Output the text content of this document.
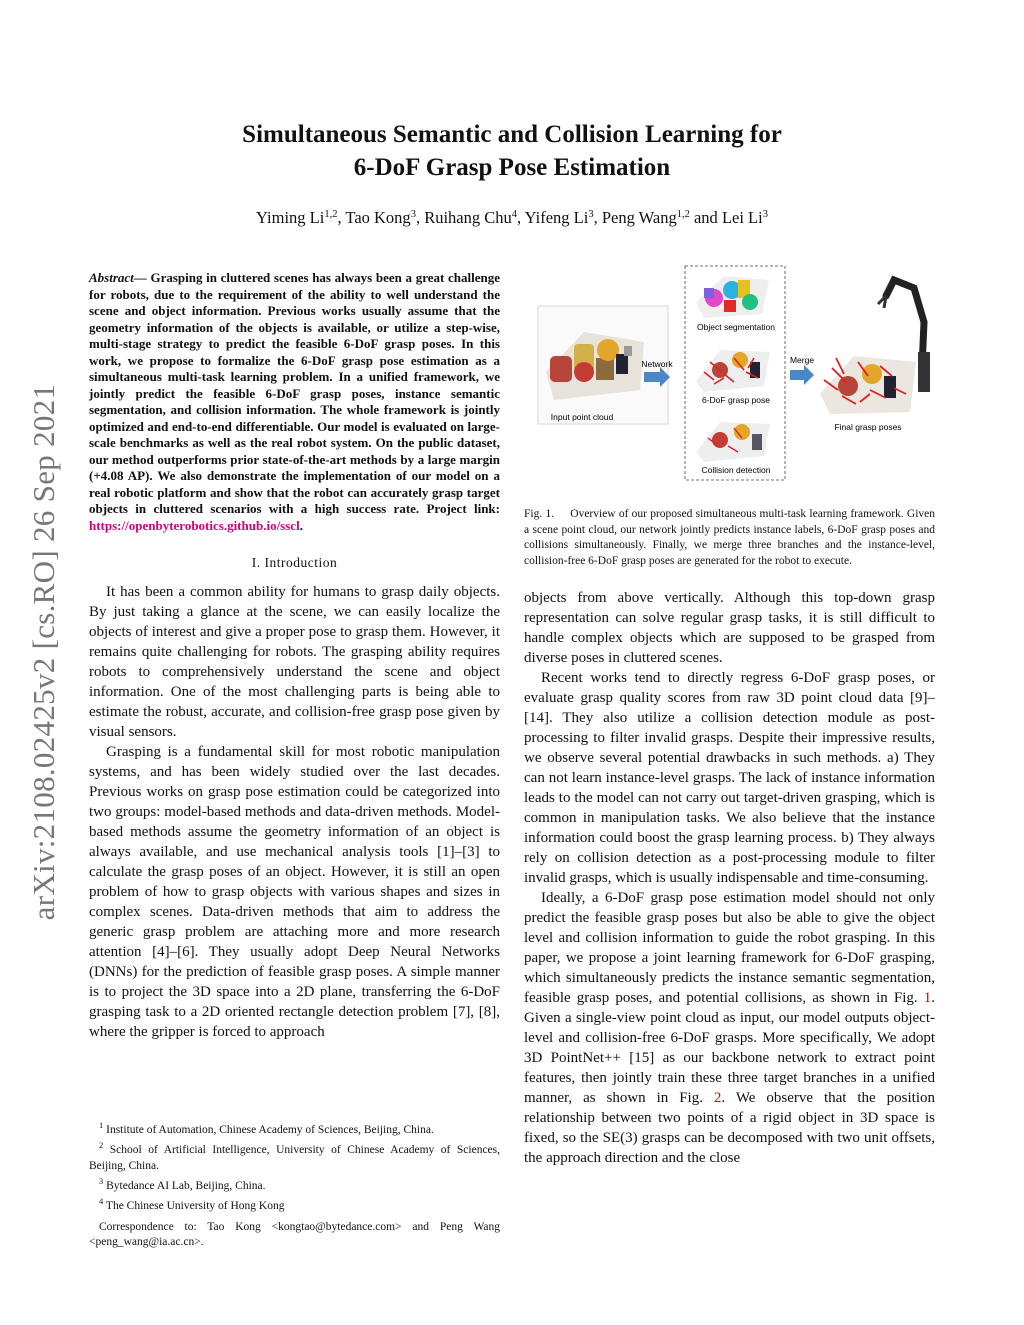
arXiv:2108.02425v2 [cs.RO] 26 Sep 2021
Simultaneous Semantic and Collision Learning for
6-DoF Grasp Pose Estimation
Yiming Li$^{1,2}$, Tao Kong$^3$, Ruihang Chu$^4$, Yifeng Li$^3$, Peng Wang$^{1,2}$ and Lei Li$^3$
Abstract— Grasping in cluttered scenes has always been a great challenge for robots, due to the requirement of the ability to well understand the scene and object information. Previous works usually assume that the geometry information of the objects is available, or utilize a step-wise, multi-stage strategy to predict the feasible 6-DoF grasp poses. In this work, we propose to formalize the 6-DoF grasp pose estimation as a simultaneous multi-task learning problem. In a unified framework, we jointly predict the feasible 6-DoF grasp poses, instance semantic segmentation, and collision information. The whole framework is jointly optimized and end-to-end differentiable. Our model is evaluated on large-scale benchmarks as well as the real robot system. On the public dataset, our method outperforms prior state-of-the-art methods by a large margin (+4.08 AP). We also demonstrate the implementation of our model on a real robotic platform and show that the robot can accurately grasp target objects in cluttered scenarios with a high success rate. Project link: https://openbyterobotics.github.io/sscl.
I. Introduction

It has been a common ability for humans to grasp daily objects. By just taking a glance at the scene, we can easily localize the objects of interest and give a proper pose to grasp them. However, it remains quite challenging for robots. The grasping ability requires robots to comprehensively understand the scene and object information. One of the most challenging parts is being able to estimate the robust, accurate, and collision-free grasp pose given by visual sensors.

Grasping is a fundamental skill for most robotic manipulation systems, and has been widely studied over the last decades. Previous works on grasp pose estimation could be categorized into two groups: model-based methods and data-driven methods. Model-based methods assume the geometry information of an object is always available, and use mechanical analysis tools [1]–[3] to calculate the grasp poses of an object. However, it is still an open problem of how to grasp objects with various shapes and sizes in complex scenes. Data-driven methods that aim to address the generic grasp problem are attaching more and more research attention [4]–[6]. They usually adopt Deep Neural Networks (DNNs) for the prediction of feasible grasp poses. A simple manner is to project the 3D space into a 2D plane, transferring the 6-DoF grasping task to a 2D oriented rectangle detection problem [7], [8], where the gripper is forced to approach

$^1$ Institute of Automation, Chinese Academy of Sciences, Beijing, China.

$^2$ School of Artificial Intelligence, University of Chinese Academy of Sciences, Beijing, China.

$^3$ Bytedance AI Lab, Beijing, China.

$^4$ The Chinese University of Hong Kong

Correspondence to: Tao Kong <kongtao@bytedance.com> and Peng Wang <peng_wang@ia.ac.cn>.

Input point cloud
Network
Object segmentation
6-DoF grasp pose
Collision detection
Merge
Final grasp poses
Fig. 1.     Overview of our proposed simultaneous multi-task learning framework. Given a scene point cloud, our network jointly predicts instance labels, 6-DoF grasp poses and collisions simultaneously. Finally, we merge three branches and the instance-level, collision-free 6-DoF grasp poses are generated for the robot to execute.

objects from above vertically. Although this top-down grasp representation can solve regular grasp tasks, it is still difficult to handle complex objects which are supposed to be grasped from diverse poses in cluttered scenes.

Recent works tend to directly regress 6-DoF grasp poses, or evaluate grasp quality scores from raw 3D point cloud data [9]–[14]. They also utilize a collision detection module as post-processing to filter invalid grasps. Despite their impressive results, we observe several potential drawbacks in such methods. a) They can not learn instance-level grasps. The lack of instance information leads to the model can not carry out target-driven grasping, which is common in manipulation tasks. We also believe that the instance information could boost the grasp learning process. b) They always rely on collision detection as a post-processing module to filter invalid grasps, which is usually indispensable and time-consuming.

Ideally, a 6-DoF grasp pose estimation model should not only predict the feasible grasp poses but also be able to give the object level and collision information to guide the robot grasping. In this paper, we propose a joint learning framework for 6-DoF grasping, which simultaneously predicts the instance semantic segmentation, feasible grasp poses, and potential collisions, as shown in Fig. 1. Given a single-view point cloud as input, our model outputs object-level and collision-free 6-DoF grasps. More specifically, We adopt 3D PointNet++ [15] as our backbone network to extract point features, then jointly train these three target branches in a unified manner, as shown in Fig. 2. We observe that the position relationship between two points of a rigid object in 3D space is fixed, so the SE(3) grasps can be decomposed with two unit offsets, the approach direction and the close
